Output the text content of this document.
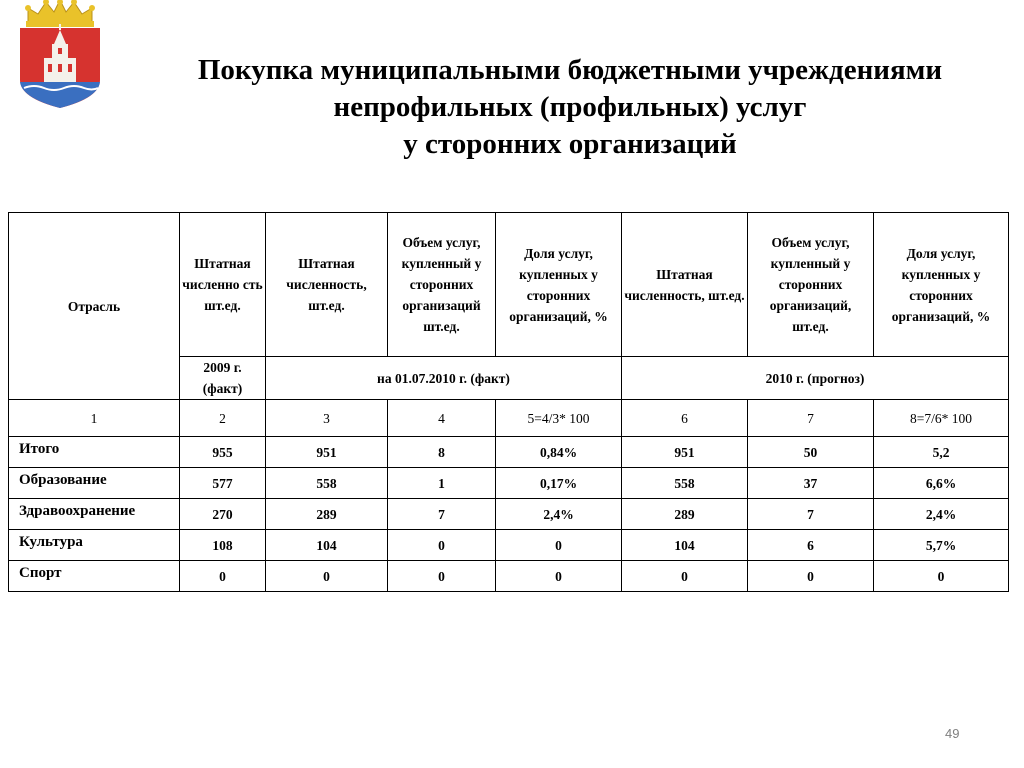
Покупка муниципальными бюджетными учреждениями
непрофильных (профильных) услуг
у сторонних организаций
Отрасль	Штатная численно сть шт.ед.	Штатная численность, шт.ед.	Объем услуг, купленный у сторонних организаций шт.ед.	Доля услуг, купленных у сторонних организаций, %	Штатная численность, шт.ед.	Объем услуг, купленный у сторонних организаций, шт.ед.	Доля услуг, купленных у сторонних организаций, %
	2009 г. (факт)	на 01.07.2010 г. (факт)			2010 г. (прогноз)		
1	2	3	4	5=4/3* 100	6	7	8=7/6* 100
Итого	955	951	8	0,84%	951	50	5,2
Образование	577	558	1	0,17%	558	37	6,6%
Здравоохранение	270	289	7	2,4%	289	7	2,4%
Культура	108	104	0	0	104	6	5,7%
Спорт	0	0	0	0	0	0	0
49
